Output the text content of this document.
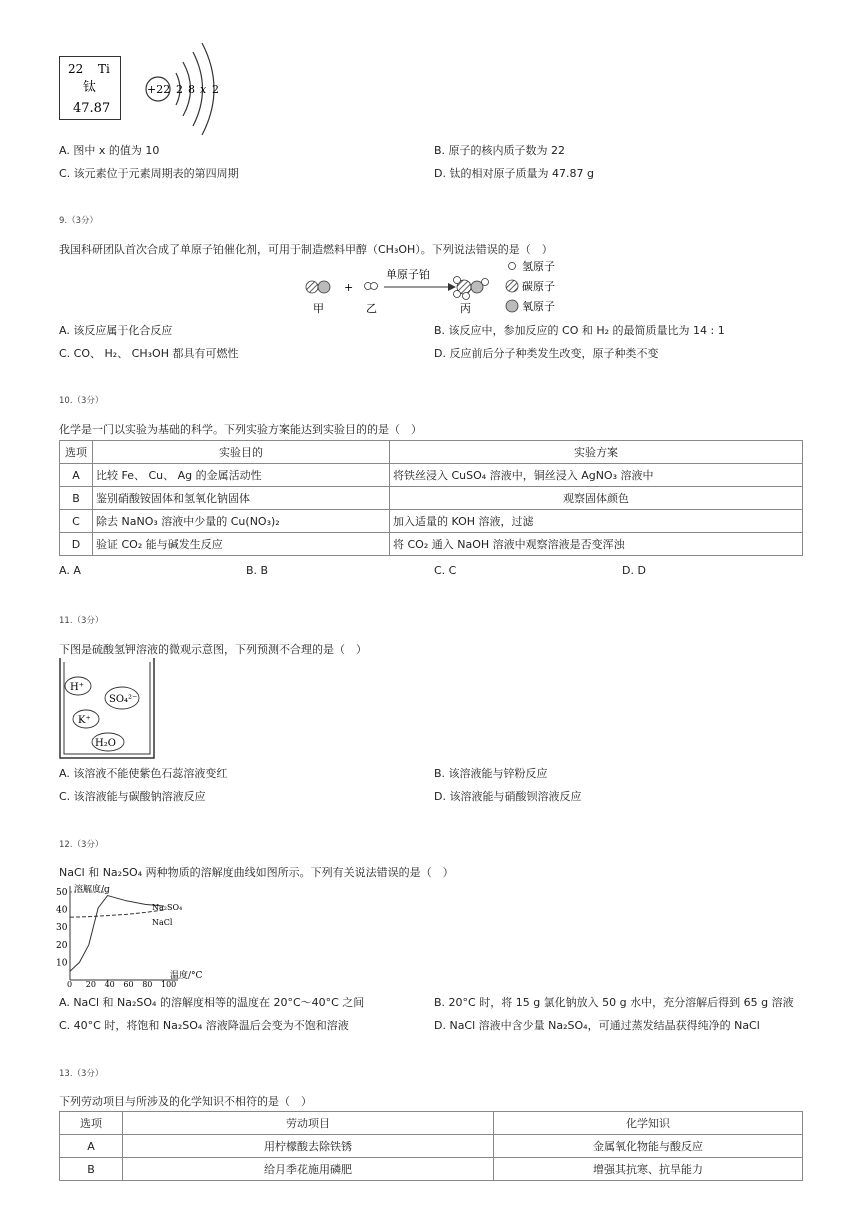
22 Ti
钛
47.87
+22 2 8 x 2
A. 图中 x 的值为 10	B. 原子的核内质子数为 22
C. 该元素位于元素周期表的第四周期	D. 钛的相对原子质量为 47.87 g
9.（3分）
我国科研团队首次合成了单原子铂催化剂，可用于制造燃料甲醇（CH₃OH）。下列说法错误的是（　）
甲
+
乙
单原子铂
丙
氢原子
碳原子
氧原子
A. 该反应属于化合反应	B. 该反应中，参加反应的 CO 和 H₂ 的最简质量比为 14 : 1
C. CO、 H₂、 CH₃OH 都具有可燃性	D. 反应前后分子种类发生改变，原子种类不变
10.（3分）
化学是一门以实验为基础的科学。下列实验方案能达到实验目的的是（　）
选项	实验目的	实验方案
A	比较 Fe、 Cu、 Ag 的金属活动性	将铁丝浸入 CuSO₄ 溶液中，铜丝浸入 AgNO₃ 溶液中
B	鉴别硝酸铵固体和氢氧化钠固体	观察固体颜色
C	除去 NaNO₃ 溶液中少量的 Cu(NO₃)₂	加入适量的 KOH 溶液，过滤
D	验证 CO₂ 能与碱发生反应	将 CO₂ 通入 NaOH 溶液中观察溶液是否变浑浊
A. A	B. B	C. C	D. D
11.（3分）
下图是硫酸氢钾溶液的微观示意图，下列预测不合理的是（　）
H⁺
SO₄²⁻
K⁺
H₂O
A. 该溶液不能使紫色石蕊溶液变红	B. 该溶液能与锌粉反应
C. 该溶液能与碳酸钠溶液反应	D. 该溶液能与硝酸钡溶液反应
12.（3分）
NaCl 和 Na₂SO₄ 两种物质的溶解度曲线如图所示。下列有关说法错误的是（　）
溶解度/g
温度/°C
50
40
30
20
10
0 20 40 60 80 100
Na₂SO₄
NaCl
A. NaCl 和 Na₂SO₄ 的溶解度相等的温度在 20°C～40°C 之间	B. 20°C 时，将 15 g 氯化钠放入 50 g 水中，充分溶解后得到 65 g 溶液
C. 40°C 时，将饱和 Na₂SO₄ 溶液降温后会变为不饱和溶液	D. NaCl 溶液中含少量 Na₂SO₄，可通过蒸发结晶获得纯净的 NaCl
13.（3分）
下列劳动项目与所涉及的化学知识不相符的是（　）
选项	劳动项目	化学知识
A	用柠檬酸去除铁锈	金属氧化物能与酸反应
B	给月季花施用磷肥	增强其抗寒、抗旱能力
